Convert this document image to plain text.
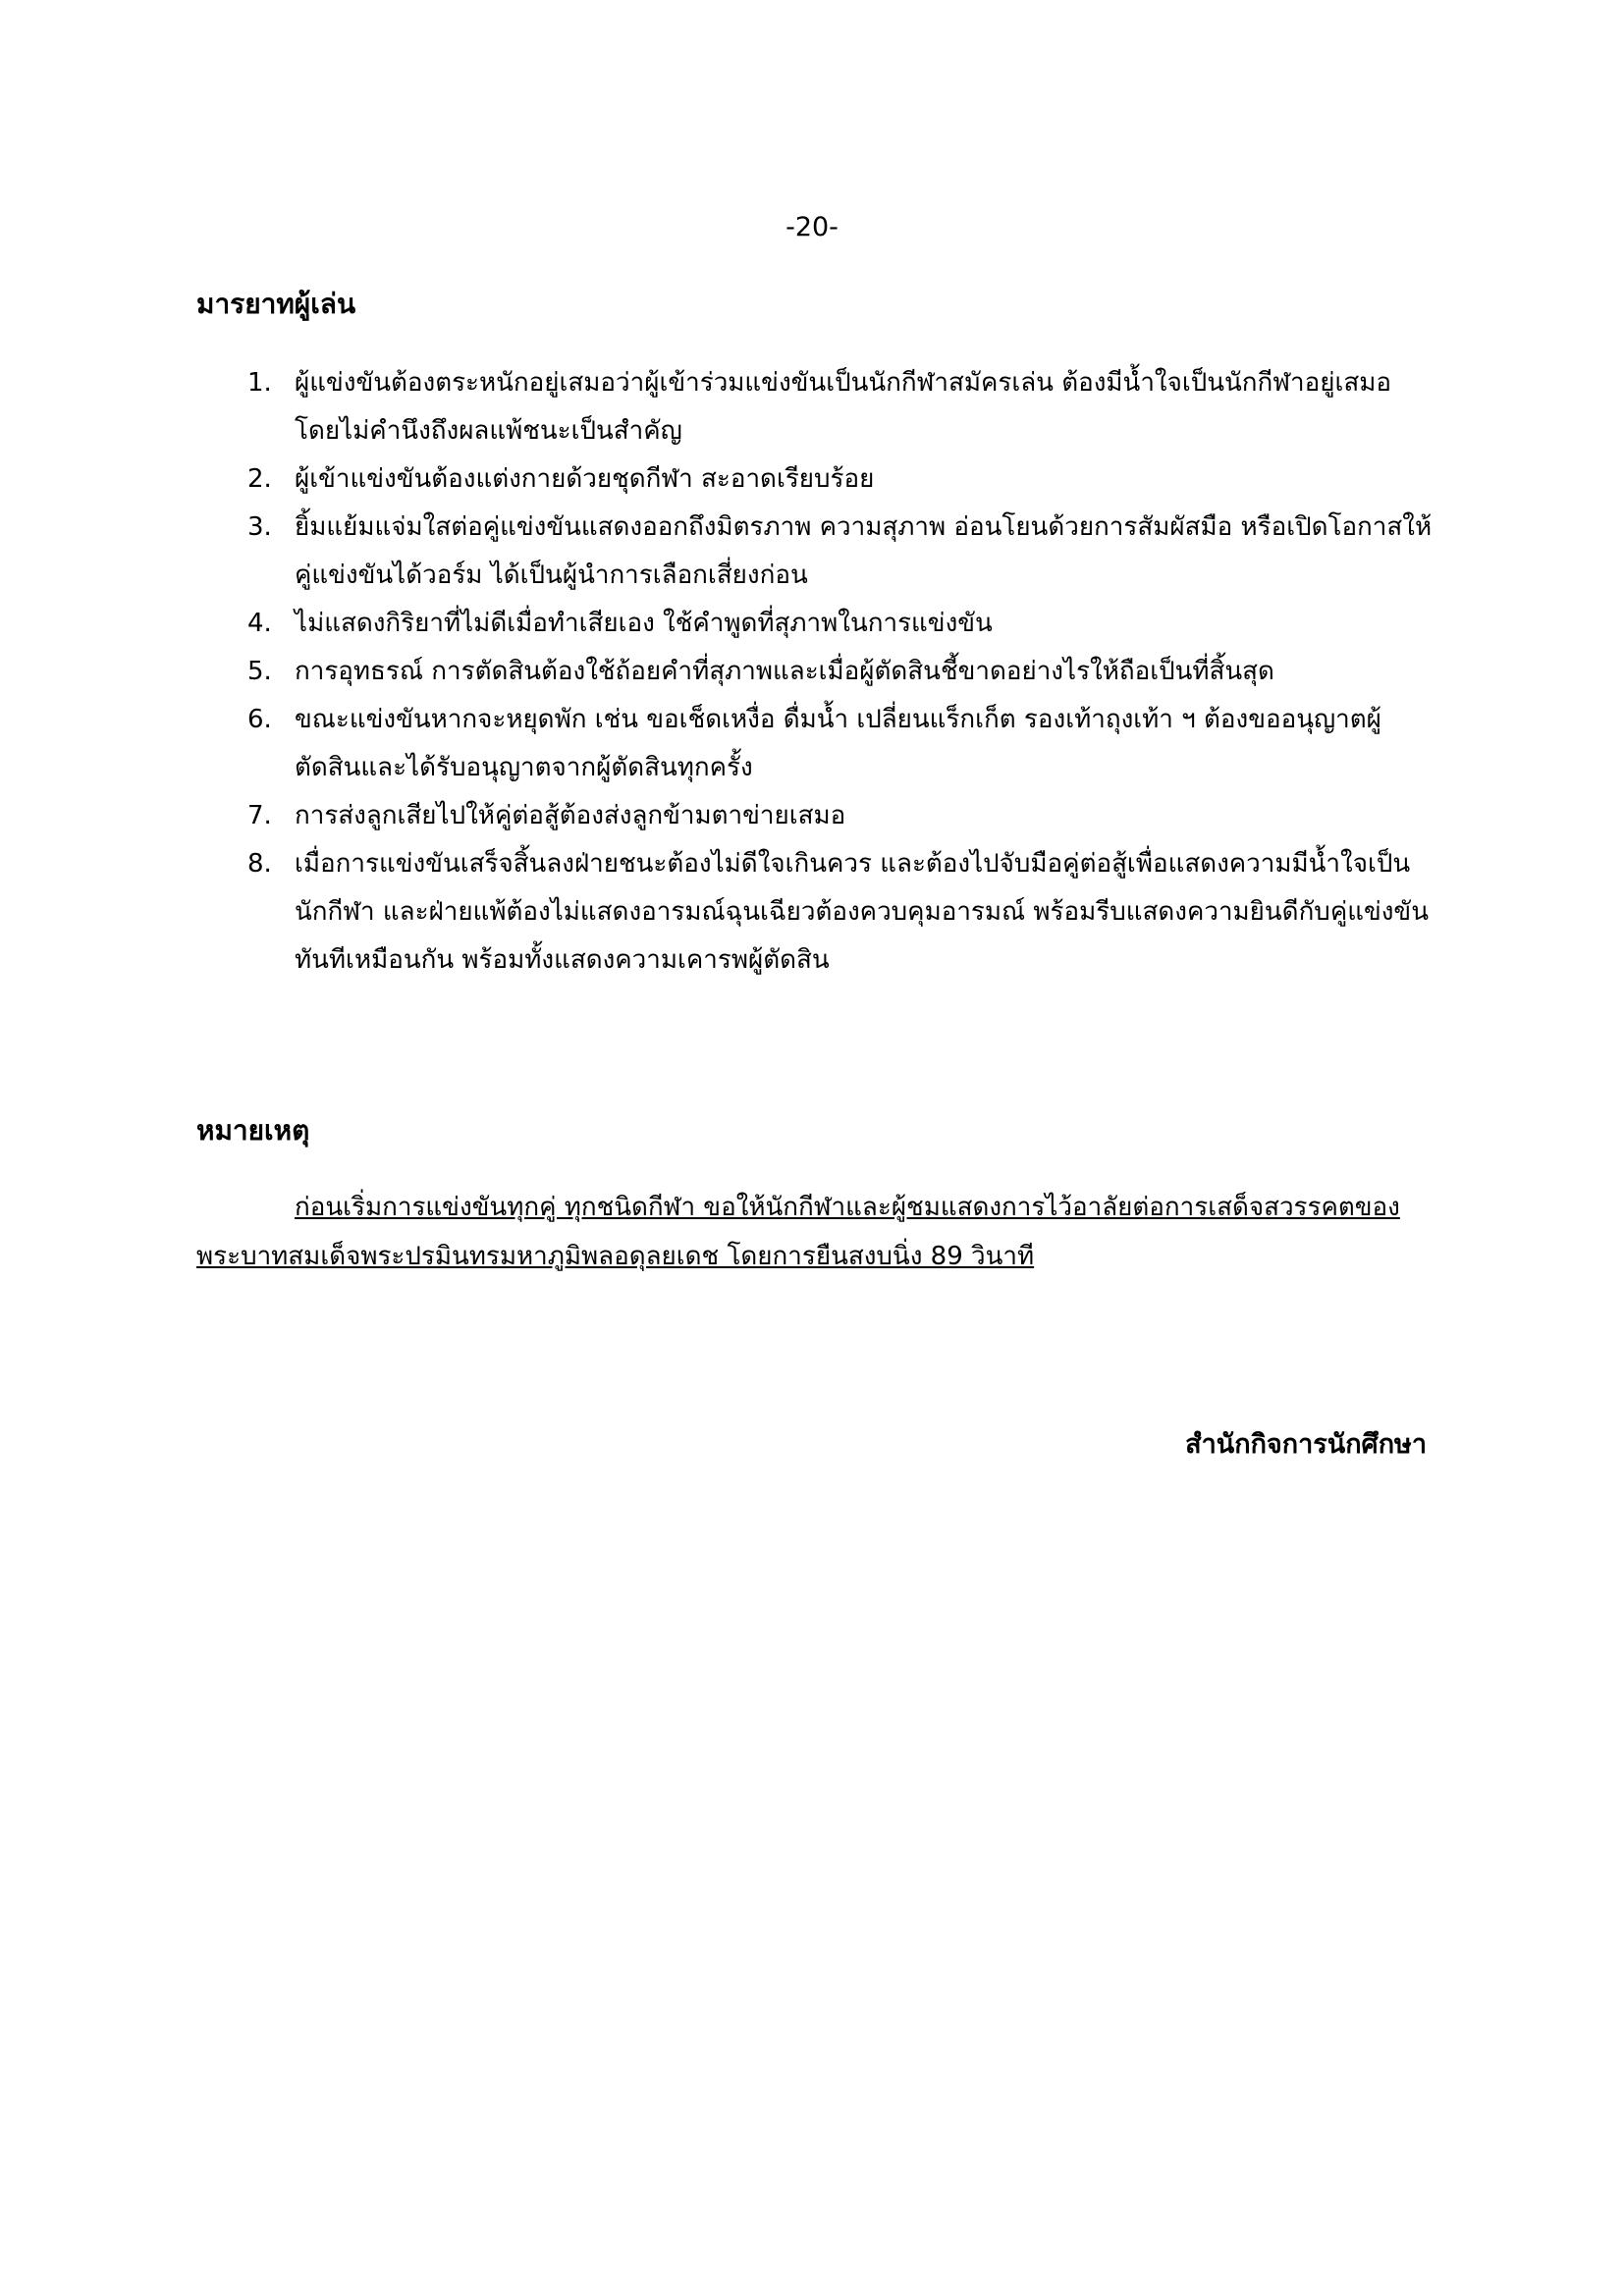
-20-
มารยาทผู้เล่น
1. ผู้แข่งขันต้องตระหนักอยู่เสมอว่าผู้เข้าร่วมแข่งขันเป็นนักกีฬาสมัครเล่น ต้องมีน้ำใจเป็นนักกีฬาอยู่เสมอ โดยไม่คำนึงถึงผลแพ้ชนะเป็นสำคัญ
2. ผู้เข้าแข่งขันต้องแต่งกายด้วยชุดกีฬา สะอาดเรียบร้อย
3. ยิ้มแย้มแจ่มใสต่อคู่แข่งขันแสดงออกถึงมิตรภาพ ความสุภาพ อ่อนโยนด้วยการสัมผัสมือ หรือเปิดโอกาสให้คู่แข่งขันได้วอร์ม ได้เป็นผู้นำการเลือกเสี่ยงก่อน
4. ไม่แสดงกิริยาที่ไม่ดีเมื่อทำเสียเอง ใช้คำพูดที่สุภาพในการแข่งขัน
5. การอุทธรณ์ การตัดสินต้องใช้ถ้อยคำที่สุภาพและเมื่อผู้ตัดสินชี้ขาดอย่างไรให้ถือเป็นที่สิ้นสุด
6. ขณะแข่งขันหากจะหยุดพัก เช่น ขอเช็ดเหงื่อ ดื่มน้ำ เปลี่ยนแร็กเก็ต รองเท้าถุงเท้า ฯ ต้องขออนุญาตผู้ตัดสินและได้รับอนุญาตจากผู้ตัดสินทุกครั้ง
7. การส่งลูกเสียไปให้คู่ต่อสู้ต้องส่งลูกข้ามตาข่ายเสมอ
8. เมื่อการแข่งขันเสร็จสิ้นลงฝ่ายชนะต้องไม่ดีใจเกินควร และต้องไปจับมือคู่ต่อสู้เพื่อแสดงความมีน้ำใจเป็นนักกีฬา และฝ่ายแพ้ต้องไม่แสดงอารมณ์ฉุนเฉียวต้องควบคุมอารมณ์ พร้อมรีบแสดงความยินดีกับคู่แข่งขันทันทีเหมือนกัน พร้อมทั้งแสดงความเคารพผู้ตัดสิน
หมายเหตุ
ก่อนเริ่มการแข่งขันทุกคู่ ทุกชนิดกีฬา ขอให้นักกีฬาและผู้ชมแสดงการไว้อาลัยต่อการเสด็จสวรรคตของพระบาทสมเด็จพระปรมินทรมหาภูมิพลอดุลยเดช โดยการยืนสงบนิ่ง 89 วินาที
สำนักกิจการนักศึกษา
